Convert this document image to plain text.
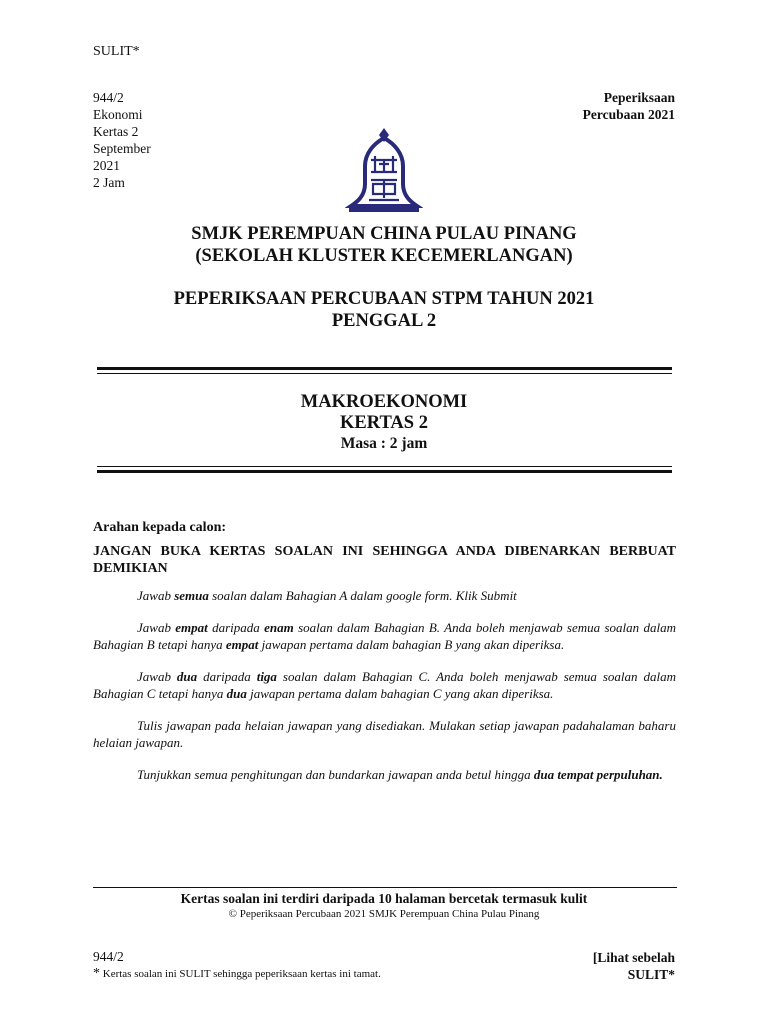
SULIT*
944/2
Ekonomi
Kertas 2
September
2021
2 Jam
Peperiksaan
Percubaan 2021
SMJK PEREMPUAN CHINA PULAU PINANG
(SEKOLAH KLUSTER KECEMERLANGAN)
PEPERIKSAAN PERCUBAAN STPM TAHUN 2021
PENGGAL 2
MAKROEKONOMI
KERTAS 2
Masa : 2 jam
Arahan kepada calon:
JANGAN BUKA KERTAS SOALAN INI SEHINGGA ANDA DIBENARKAN BERBUAT DEMIKIAN

Jawab semua soalan dalam Bahagian A dalam google form. Klik Submit

Jawab empat daripada enam soalan dalam Bahagian B. Anda boleh menjawab semua soalan dalam Bahagian B tetapi hanya empat jawapan pertama dalam bahagian B yang akan diperiksa.

Jawab dua daripada tiga soalan dalam Bahagian C. Anda boleh menjawab semua soalan dalam Bahagian C tetapi hanya dua jawapan pertama dalam bahagian C yang akan diperiksa.

Tulis jawapan pada helaian jawapan yang disediakan. Mulakan setiap jawapan padahalaman baharu helaian jawapan.

Tunjukkan semua penghitungan dan bundarkan jawapan anda betul hingga dua tempat perpuluhan.

Kertas soalan ini terdiri daripada 10 halaman bercetak termasuk kulit
© Peperiksaan Percubaan 2021 SMJK Perempuan China Pulau Pinang
944/2
* Kertas soalan ini SULIT sehingga peperiksaan kertas ini tamat.
[Lihat sebelah
SULIT*
